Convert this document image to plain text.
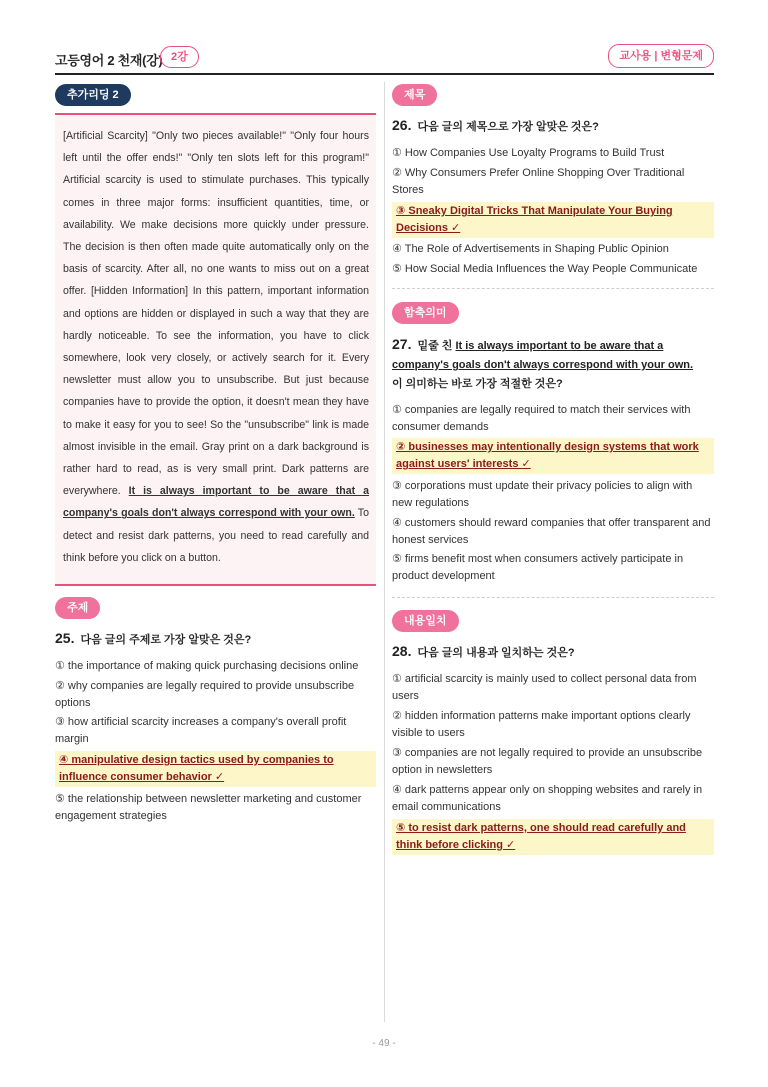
고등영어 2 천재(강) 2강	교사용 | 변형문제
추가리딩 2
[Artificial Scarcity] "Only two pieces available!" "Only four hours left until the offer ends!" "Only ten slots left for this program!" Artificial scarcity is used to stimulate purchases. This typically comes in three major forms: insufficient quantities, time, or availability. We make decisions more quickly under pressure. The decision is then often made quite automatically only on the basis of scarcity. After all, no one wants to miss out on a great offer. [Hidden Information] In this pattern, important information and options are hidden or displayed in such a way that they are hardly noticeable. To see the information, you have to click somewhere, look very closely, or actively search for it. Every newsletter must allow you to unsubscribe. But just because companies have to provide the option, it doesn't mean they have to make it easy for you to see! So the "unsubscribe" link is made almost invisible in the email. Gray print on a dark background is rather hard to read, as is very small print. Dark patterns are everywhere. It is always important to be aware that a company's goals don't always correspond with your own. To detect and resist dark patterns, you need to read carefully and think before you click on a button.
주제
25. 다음 글의 주제로 가장 알맞은 것은?
① the importance of making quick purchasing decisions online
② why companies are legally required to provide unsubscribe options
③ how artificial scarcity increases a company's overall profit margin
④ manipulative design tactics used by companies to influence consumer behavior ✓
⑤ the relationship between newsletter marketing and customer engagement strategies
제목
26. 다음 글의 제목으로 가장 알맞은 것은?
① How Companies Use Loyalty Programs to Build Trust
② Why Consumers Prefer Online Shopping Over Traditional Stores
③ Sneaky Digital Tricks That Manipulate Your Buying Decisions ✓
④ The Role of Advertisements in Shaping Public Opinion
⑤ How Social Media Influences the Way People Communicate
함축의미
27. 밑줄 친 It is always important to be aware that a company's goals don't always correspond with your own.
이 의미하는 바로 가장 적절한 것은?
① companies are legally required to match their services with consumer demands
② businesses may intentionally design systems that work against users' interests ✓
③ corporations must update their privacy policies to align with new regulations
④ customers should reward companies that offer transparent and honest services
⑤ firms benefit most when consumers actively participate in product development
내용일치
28. 다음 글의 내용과 일치하는 것은?
① artificial scarcity is mainly used to collect personal data from users
② hidden information patterns make important options clearly visible to users
③ companies are not legally required to provide an unsubscribe option in newsletters
④ dark patterns appear only on shopping websites and rarely in email communications
⑤ to resist dark patterns, one should read carefully and think before clicking ✓
- 49 -
